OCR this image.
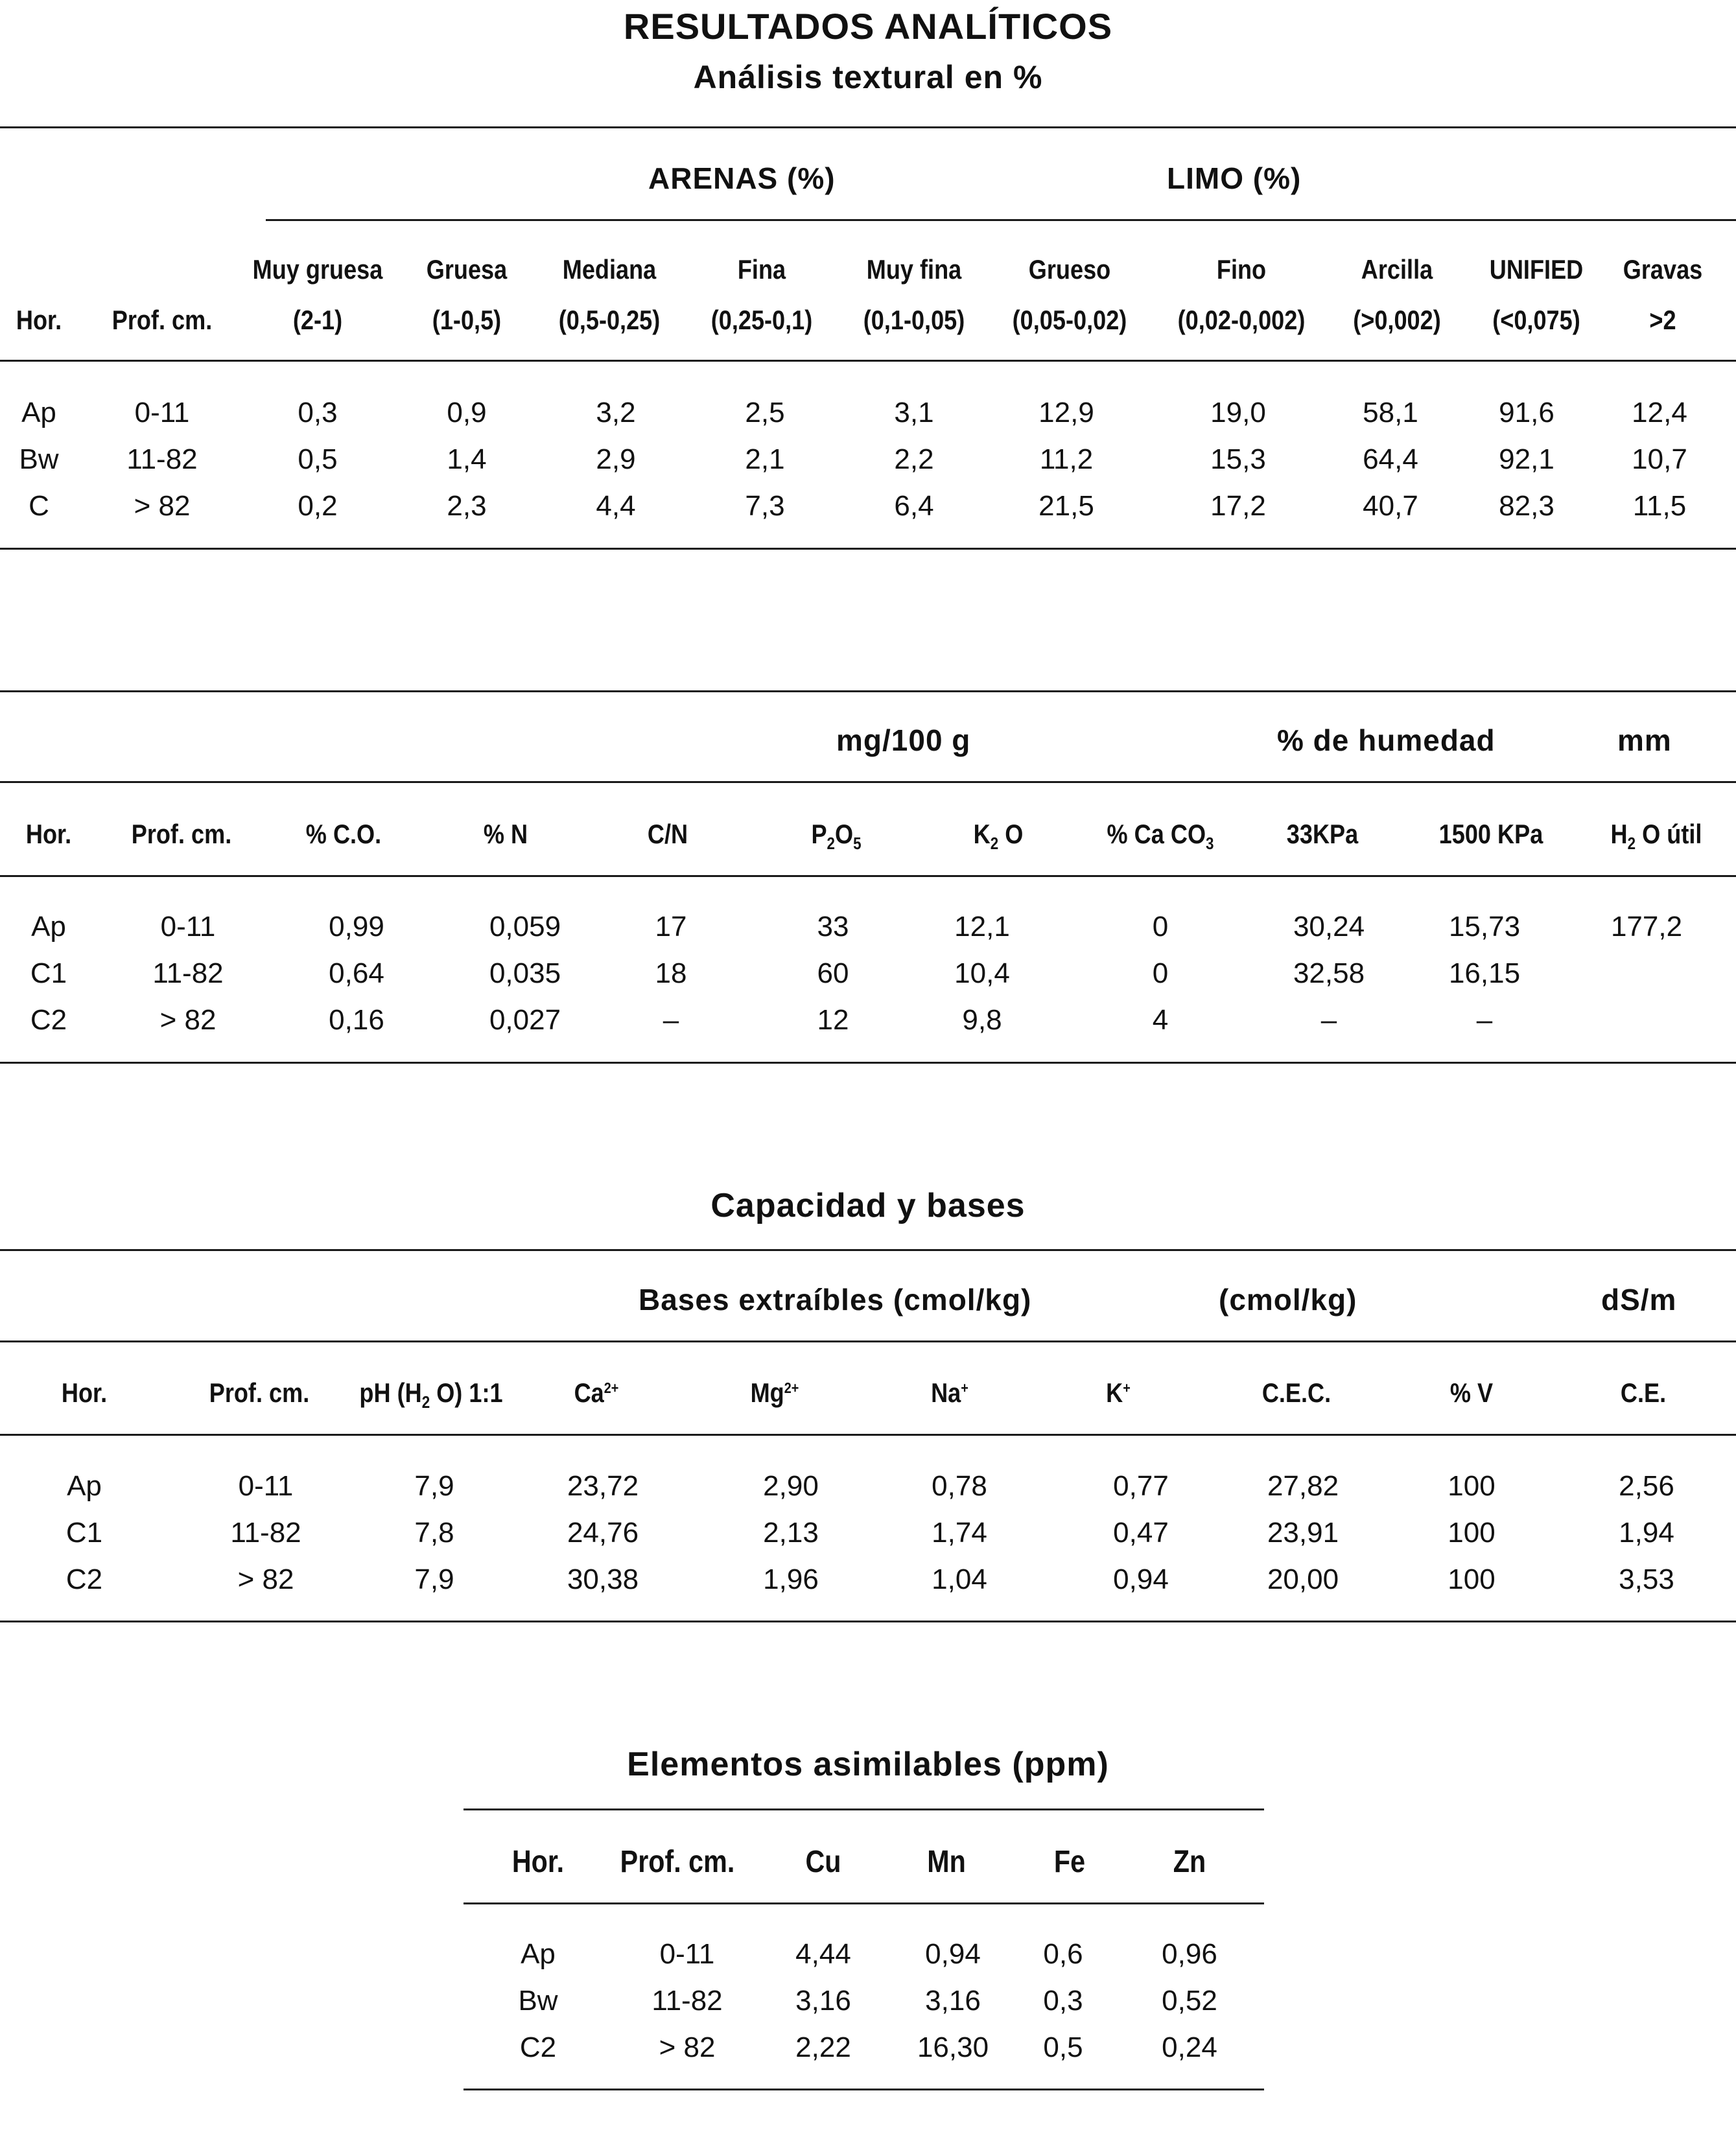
RESULTADOS ANALÍTICOS
Análisis textural en %
ARENAS (%)	LIMO (%)
Muy gruesa	Gruesa	Mediana	Fina	Muy fina	Grueso	Fino	Arcilla	UNIFIED	Gravas
Hor.	Prof. cm.	(2-1)	(1-0,5)	(0,5-0,25)	(0,25-0,1)	(0,1-0,05)	(0,05-0,02)	(0,02-0,002)	(>0,002)	(<0,075)	>2
Ap	0-11	0,3	0,9	3,2	2,5	3,1	12,9	19,0	58,1	91,6	12,4
Bw	11-82	0,5	1,4	2,9	2,1	2,2	11,2	15,3	64,4	92,1	10,7
C	> 82	0,2	2,3	4,4	7,3	6,4	21,5	17,2	40,7	82,3	11,5
mg/100 g	% de humedad	mm
Hor.	Prof. cm.	% C.O.	% N	C/N	$P_2O_5$	$K_2$ O	% Ca $CO_3$	33KPa	1500 KPa	$H_2$ O útil
Ap	0-11	0,99	0,059	17	33	12,1	0	30,24	15,73	177,2
C1	11-82	0,64	0,035	18	60	10,4	0	32,58	16,15
C2	> 82	0,16	0,027	–	12	9,8	4	–	–
Capacidad y bases
Bases extraíbles (cmol/kg)	(cmol/kg)	dS/m
Hor.	Prof. cm.	pH ($H_2$ O) 1:1	$Ca^{2+}$	$Mg^{2+}$	Na+	K+	C.E.C.	% V	C.E.
Ap	0-11	7,9	23,72	2,90	0,78	0,77	27,82	100	2,56
C1	11-82	7,8	24,76	2,13	1,74	0,47	23,91	100	1,94
C2	> 82	7,9	30,38	1,96	1,04	0,94	20,00	100	3,53
Elementos asimilables (ppm)
Hor.	Prof. cm.	Cu	Mn	Fe	Zn
Ap	0-11	4,44	0,94	0,6	0,96
Bw	11-82	3,16	3,16	0,3	0,52
C2	> 82	2,22	16,30	0,5	0,24
